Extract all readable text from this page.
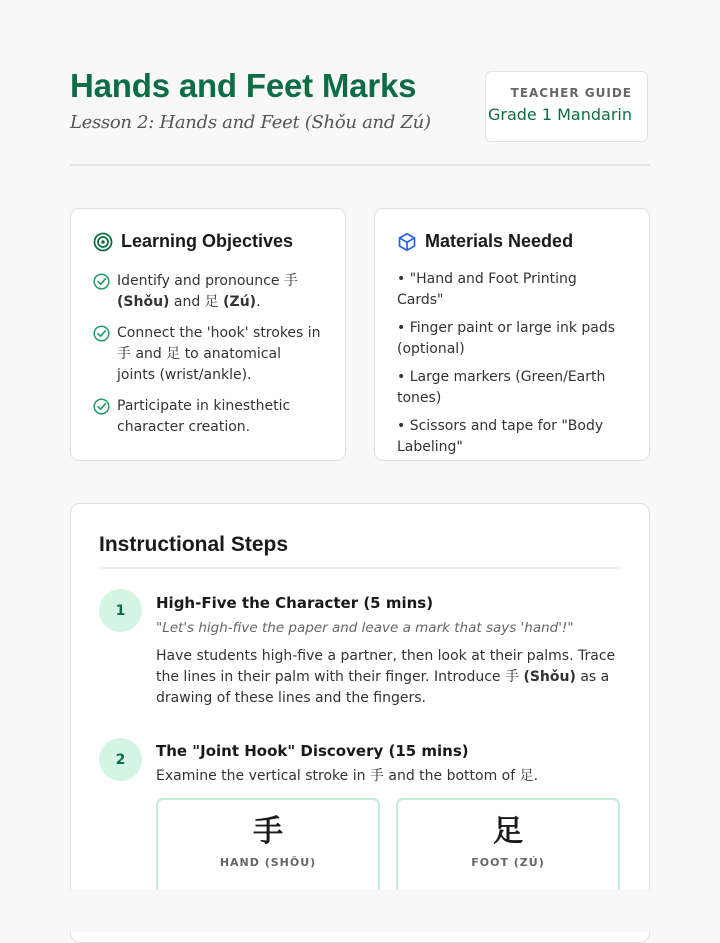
Hands and Feet Marks
Lesson 2: Hands and Feet (Shǒu and Zú)
TEACHER GUIDE
Grade 1 Mandarin
Learning Objectives
Identify and pronounce 手 (Shǒu) and 足 (Zú).
Connect the 'hook' strokes in 手 and 足 to anatomical joints (wrist/ankle).
Participate in kinesthetic character creation.
Materials Needed
• "Hand and Foot Printing Cards"
• Finger paint or large ink pads (optional)
• Large markers (Green/Earth tones)
• Scissors and tape for "Body Labeling"
Instructional Steps
1	High-Five the Character (5 mins)
"Let's high-five the paper and leave a mark that says 'hand'!"
Have students high-five a partner, then look at their palms. Trace the lines in their palm with their finger. Introduce 手 (Shǒu) as a drawing of these lines and the fingers.
2	The "Joint Hook" Discovery (15 mins)
Examine the vertical stroke in 手 and the bottom of 足.
手
HAND (SHǑU)
足
FOOT (ZÚ)
